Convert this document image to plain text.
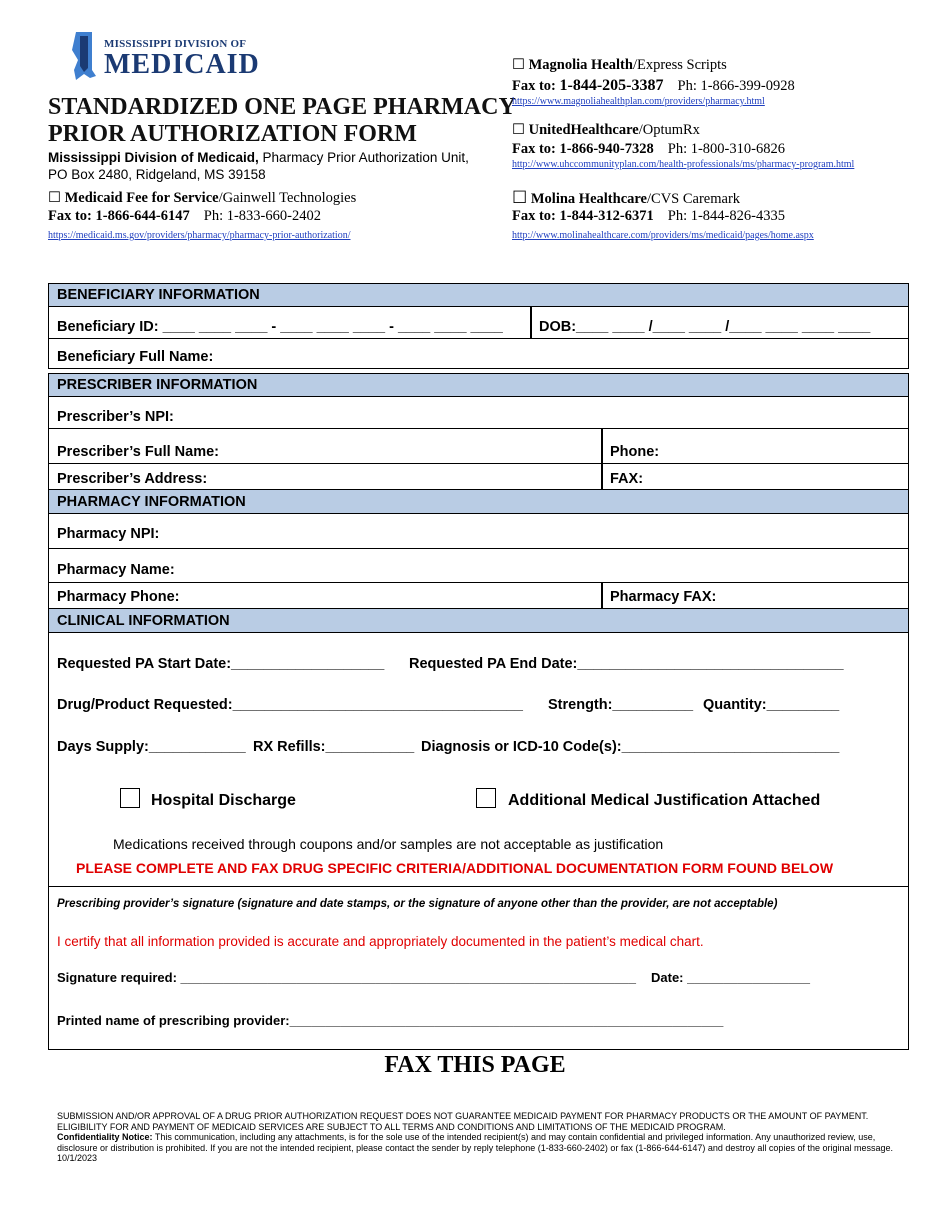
MISSISSIPPI DIVISION OF
MEDICAID
STANDARDIZED ONE PAGE PHARMACY PRIOR AUTHORIZATION FORM
Mississippi Division of Medicaid, Pharmacy Prior Authorization Unit,
PO Box 2480, Ridgeland, MS 39158
☐ Medicaid Fee for Service/Gainwell Technologies
Fax to: 1-866-644-6147 Ph: 1-833-660-2402
https://medicaid.ms.gov/providers/pharmacy/pharmacy-prior-authorization/
☐ Magnolia Health/Express Scripts
Fax to: 1-844-205-3387 Ph: 1-866-399-0928
https://www.magnoliahealthplan.com/providers/pharmacy.html
☐ UnitedHealthcare/OptumRx
Fax to: 1-866-940-7328 Ph: 1-800-310-6826
http://www.uhccommunityplan.com/health-professionals/ms/pharmacy-program.html
☐ Molina Healthcare/CVS Caremark
Fax to: 1-844-312-6371 Ph: 1-844-826-4335
http://www.molinahealthcare.com/providers/ms/medicaid/pages/home.aspx
BENEFICIARY INFORMATION
Beneficiary ID: ____ ____ ____ - ____ ____ ____ - ____ ____ ____ DOB:____ ____ /____ ____ /____ ____ ____ ____
Beneficiary Full Name:
PRESCRIBER INFORMATION
Prescriber’s NPI:
Prescriber’s Full Name:	Phone:
Prescriber’s Address:	FAX:
PHARMACY INFORMATION
Pharmacy NPI:
Pharmacy Name:
Pharmacy Phone:	Pharmacy FAX:
CLINICAL INFORMATION
Requested PA Start Date:___________________ Requested PA End Date:_________________________________
Drug/Product Requested:____________________________________ Strength:__________ Quantity:_________
Days Supply:____________ RX Refills:___________ Diagnosis or ICD-10 Code(s):___________________________
Hospital Discharge	Additional Medical Justification Attached
Medications received through coupons and/or samples are not acceptable as justification
PLEASE COMPLETE AND FAX DRUG SPECIFIC CRITERIA/ADDITIONAL DOCUMENTATION FORM FOUND BELOW
Prescribing provider’s signature (signature and date stamps, or the signature of anyone other than the provider, are not acceptable)
I certify that all information provided is accurate and appropriately documented in the patient’s medical chart.
Signature required: _______________________________________________________________ Date: _________________
Printed name of prescribing provider:____________________________________________________________
FAX THIS PAGE
SUBMISSION AND/OR APPROVAL OF A DRUG PRIOR AUTHORIZATION REQUEST DOES NOT GUARANTEE MEDICAID PAYMENT FOR PHARMACY PRODUCTS OR THE AMOUNT OF PAYMENT.
ELIGIBILITY FOR AND PAYMENT OF MEDICAID SERVICES ARE SUBJECT TO ALL TERMS AND CONDITIONS AND LIMITATIONS OF THE MEDICAID PROGRAM.
Confidentiality Notice: This communication, including any attachments, is for the sole use of the intended recipient(s) and may contain confidential and privileged information. Any unauthorized review, use, disclosure or distribution is prohibited. If you are not the intended recipient, please contact the sender by reply telephone (1-833-660-2402) or fax (1-866-644-6147) and destroy all copies of the original message.
10/1/2023
